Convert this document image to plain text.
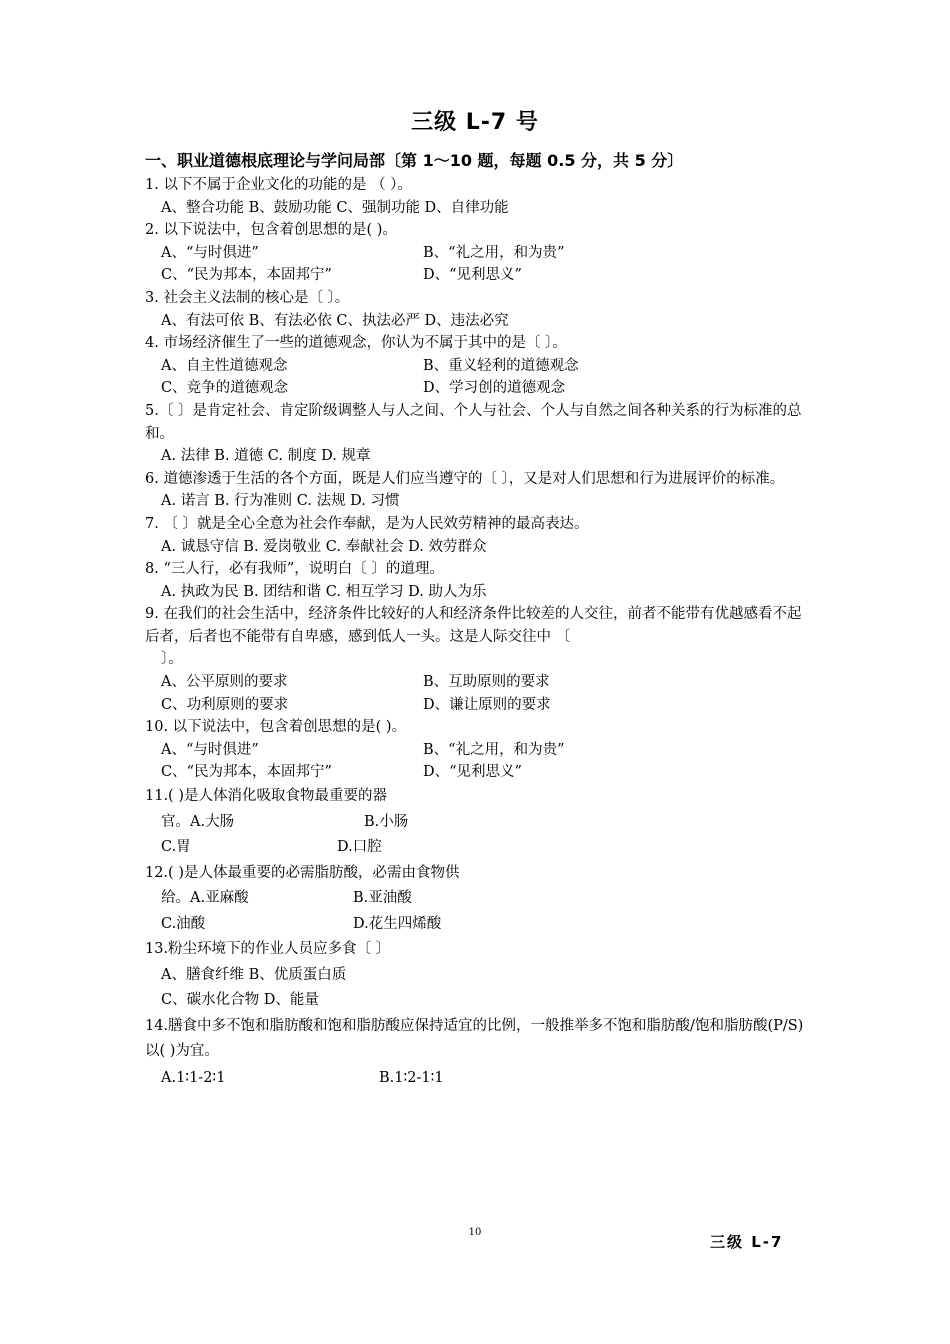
三级 L-7 号
一、职业道德根底理论与学问局部〔第 1～10 题，每题 0.5 分，共 5 分〕
1. 以下不属于企业文化的功能的是 （ ）。
A、整合功能 B、鼓励功能 C、强制功能 D、自律功能
2. 以下说法中，包含着创思想的是( )。
A、“与时俱进”	B、“礼之用，和为贵”
C、“民为邦本，本固邦宁”	D、“见利思义”
3. 社会主义法制的核心是〔 〕。
A、有法可依 B、有法必依 C、执法必严 D、违法必究
4. 市场经济催生了一些的道德观念，你认为不属于其中的是〔 〕。
A、自主性道德观念	B、重义轻利的道德观念
C、竞争的道德观念	D、学习创的道德观念
5.〔 〕是肯定社会、肯定阶级调整人与人之间、个人与社会、个人与自然之间各种关系的行为标准的总和。
A. 法律 B. 道德 C. 制度 D. 规章
6. 道德渗透于生活的各个方面，既是人们应当遵守的〔 〕，又是对人们思想和行为进展评价的标准。
A. 诺言 B. 行为准则 C. 法规 D. 习惯
7. 〔 〕就是全心全意为社会作奉献，是为人民效劳精神的最高表达。
A. 诚恳守信 B. 爱岗敬业 C. 奉献社会 D. 效劳群众
8. “三人行，必有我师”，说明白〔 〕的道理。
A. 执政为民 B. 团结和谐 C. 相互学习 D. 助人为乐
9. 在我们的社会生活中，经济条件比较好的人和经济条件比较差的人交往，前者不能带有优越感看不起后者，后者也不能带有自卑感，感到低人一头。这是人际交往中 〔
〕。
A、公平原则的要求	B、互助原则的要求
C、功利原则的要求	D、谦让原则的要求
10. 以下说法中，包含着创思想的是( )。
A、“与时俱进”	B、“礼之用，和为贵”
C、“民为邦本，本固邦宁”	D、“见利思义”
11.( )是人体消化吸取食物最重要的器
官。A.大肠	B.小肠
C.胃	D.口腔
12.( )是人体最重要的必需脂肪酸，必需由食物供
给。A.亚麻酸	B.亚油酸
C.油酸	D.花生四烯酸
13.粉尘环境下的作业人员应多食〔 〕
A、膳食纤维 B、优质蛋白质
C、碳水化合物 D、能量
14.膳食中多不饱和脂肪酸和饱和脂肪酸应保持适宜的比例，一般推举多不饱和脂肪酸/饱和脂肪酸(P/S)以( )为宜。
A.1∶1-2∶1	B.1∶2-1∶1
10
三级 L-7
